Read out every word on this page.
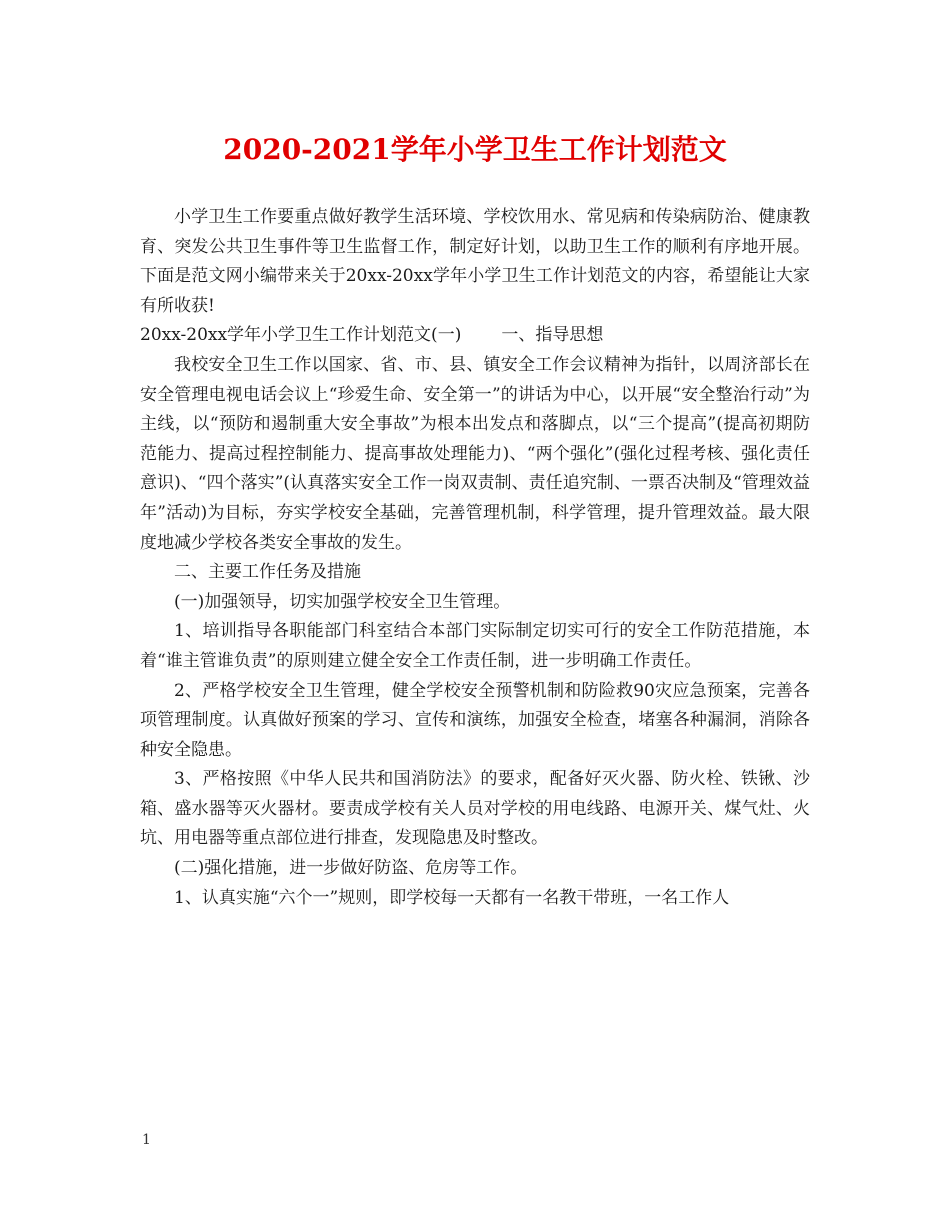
2020-2021学年小学卫生工作计划范文

小学卫生工作要重点做好教学生活环境、学校饮用水、常见病和传染病防治、健康教育、突发公共卫生事件等卫生监督工作，制定好计划，以助卫生工作的顺利有序地开展。下面是范文网小编带来关于20xx-20xx学年小学卫生工作计划范文的内容，希望能让大家有所收获!

20xx-20xx学年小学卫生工作计划范文(一) 一、指导思想

我校安全卫生工作以国家、省、市、县、镇安全工作会议精神为指针，以周济部长在安全管理电视电话会议上“珍爱生命、安全第一”的讲话为中心，以开展“安全整治行动”为主线，以“预防和遏制重大安全事故”为根本出发点和落脚点，以“三个提高”(提高初期防范能力、提高过程控制能力、提高事故处理能力)、“两个强化”(强化过程考核、强化责任意识)、“四个落实”(认真落实安全工作一岗双责制、责任追究制、一票否决制及“管理效益年”活动)为目标，夯实学校安全基础，完善管理机制，科学管理，提升管理效益。最大限度地减少学校各类安全事故的发生。

二、主要工作任务及措施

(一)加强领导，切实加强学校安全卫生管理。

1、培训指导各职能部门科室结合本部门实际制定切实可行的安全工作防范措施，本着“谁主管谁负责”的原则建立健全安全工作责任制，进一步明确工作责任。

2、严格学校安全卫生管理，健全学校安全预警机制和防险救90灾应急预案，完善各项管理制度。认真做好预案的学习、宣传和演练，加强安全检查，堵塞各种漏洞，消除各种安全隐患。

3、严格按照《中华人民共和国消防法》的要求，配备好灭火器、防火栓、铁锹、沙箱、盛水器等灭火器材。要责成学校有关人员对学校的用电线路、电源开关、煤气灶、火坑、用电器等重点部位进行排查，发现隐患及时整改。

(二)强化措施，进一步做好防盗、危房等工作。

1、认真实施“六个一”规则，即学校每一天都有一名教干带班，一名工作人

1
